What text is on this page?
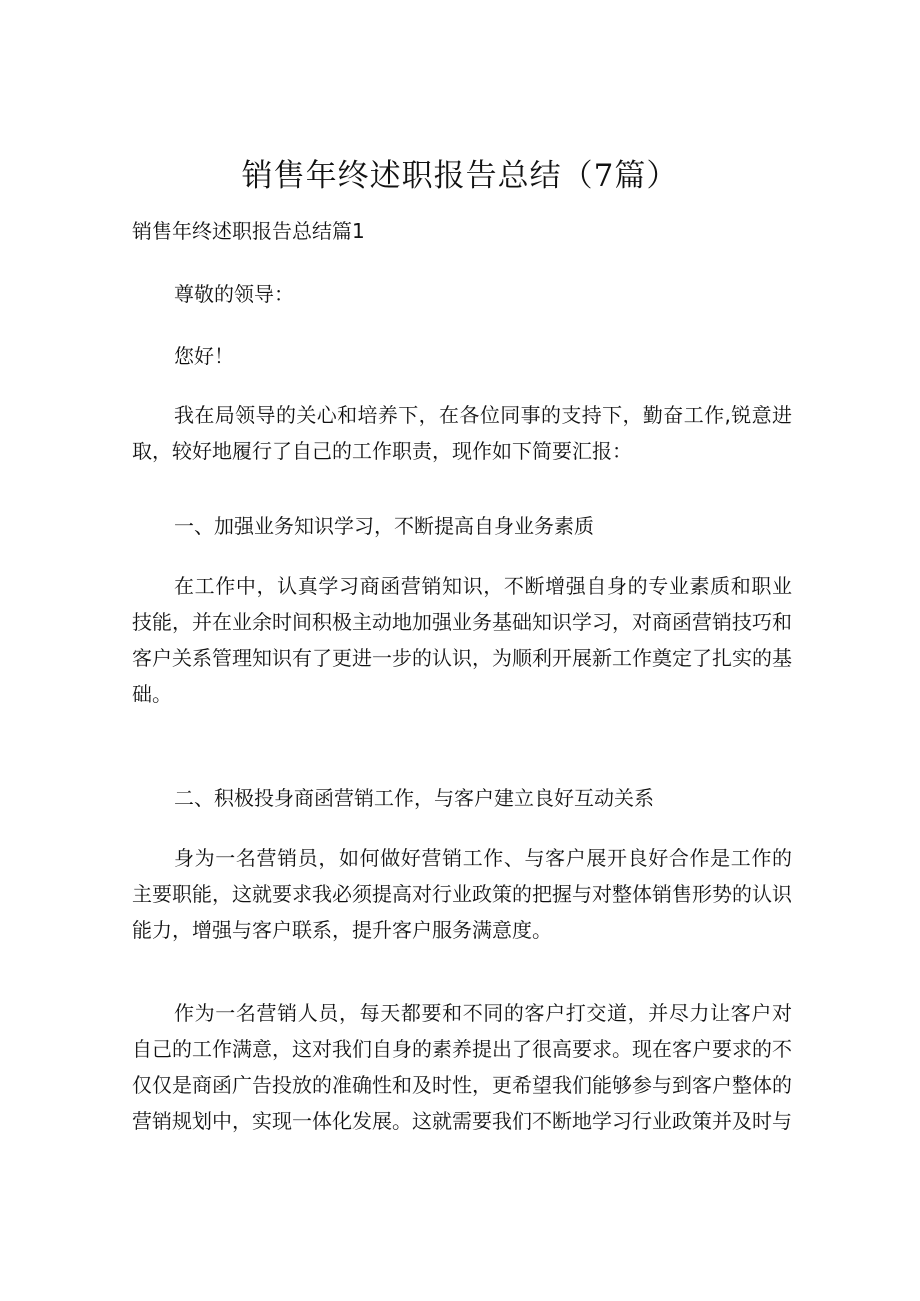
销售年终述职报告总结（7篇）
销售年终述职报告总结篇1

尊敬的领导：

您好！

我在局领导的关心和培养下，在各位同事的支持下，勤奋工作,锐意进取，较好地履行了自己的工作职责，现作如下简要汇报：

一、加强业务知识学习，不断提高自身业务素质

在工作中，认真学习商函营销知识，不断增强自身的专业素质和职业技能，并在业余时间积极主动地加强业务基础知识学习，对商函营销技巧和客户关系管理知识有了更进一步的认识，为顺利开展新工作奠定了扎实的基础。

二、积极投身商函营销工作，与客户建立良好互动关系

身为一名营销员，如何做好营销工作、与客户展开良好合作是工作的主要职能，这就要求我必须提高对行业政策的把握与对整体销售形势的认识能力，增强与客户联系，提升客户服务满意度。

作为一名营销人员，每天都要和不同的客户打交道，并尽力让客户对自己的工作满意，这对我们自身的素养提出了很高要求。现在客户要求的不仅仅是商函广告投放的准确性和及时性，更希望我们能够参与到客户整体的营销规划中，实现一体化发展。这就需要我们不断地学习行业政策并及时与
